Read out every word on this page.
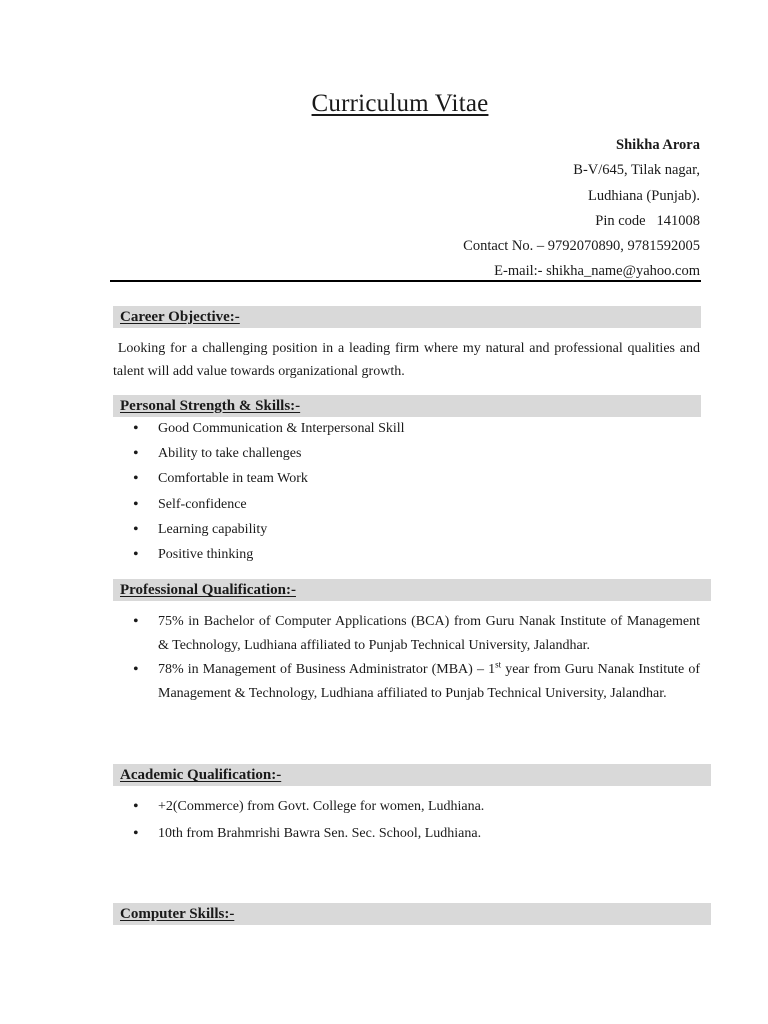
Curriculum Vitae
Shikha Arora
B-V/645, Tilak nagar,
Ludhiana (Punjab).
Pin code   141008
Contact No. – 9792070890, 9781592005
E-mail:- shikha_name@yahoo.com
Career Objective:-
Looking for a challenging position in a leading firm where my natural and professional qualities and talent will add value towards organizational growth.
Personal Strength & Skills:-
• Good Communication & Interpersonal Skill
• Ability to take challenges
• Comfortable in team Work
• Self-confidence
• Learning capability
• Positive thinking
Professional Qualification:-
• 75% in Bachelor of Computer Applications (BCA) from Guru Nanak Institute of Management & Technology, Ludhiana affiliated to Punjab Technical University, Jalandhar.
• 78% in Management of Business Administrator (MBA) – 1st year from Guru Nanak Institute of Management & Technology, Ludhiana affiliated to Punjab Technical University, Jalandhar.
Academic Qualification:-
• +2(Commerce) from Govt. College for women, Ludhiana.
• 10th from Brahmrishi Bawra Sen. Sec. School, Ludhiana.
Computer Skills:-
